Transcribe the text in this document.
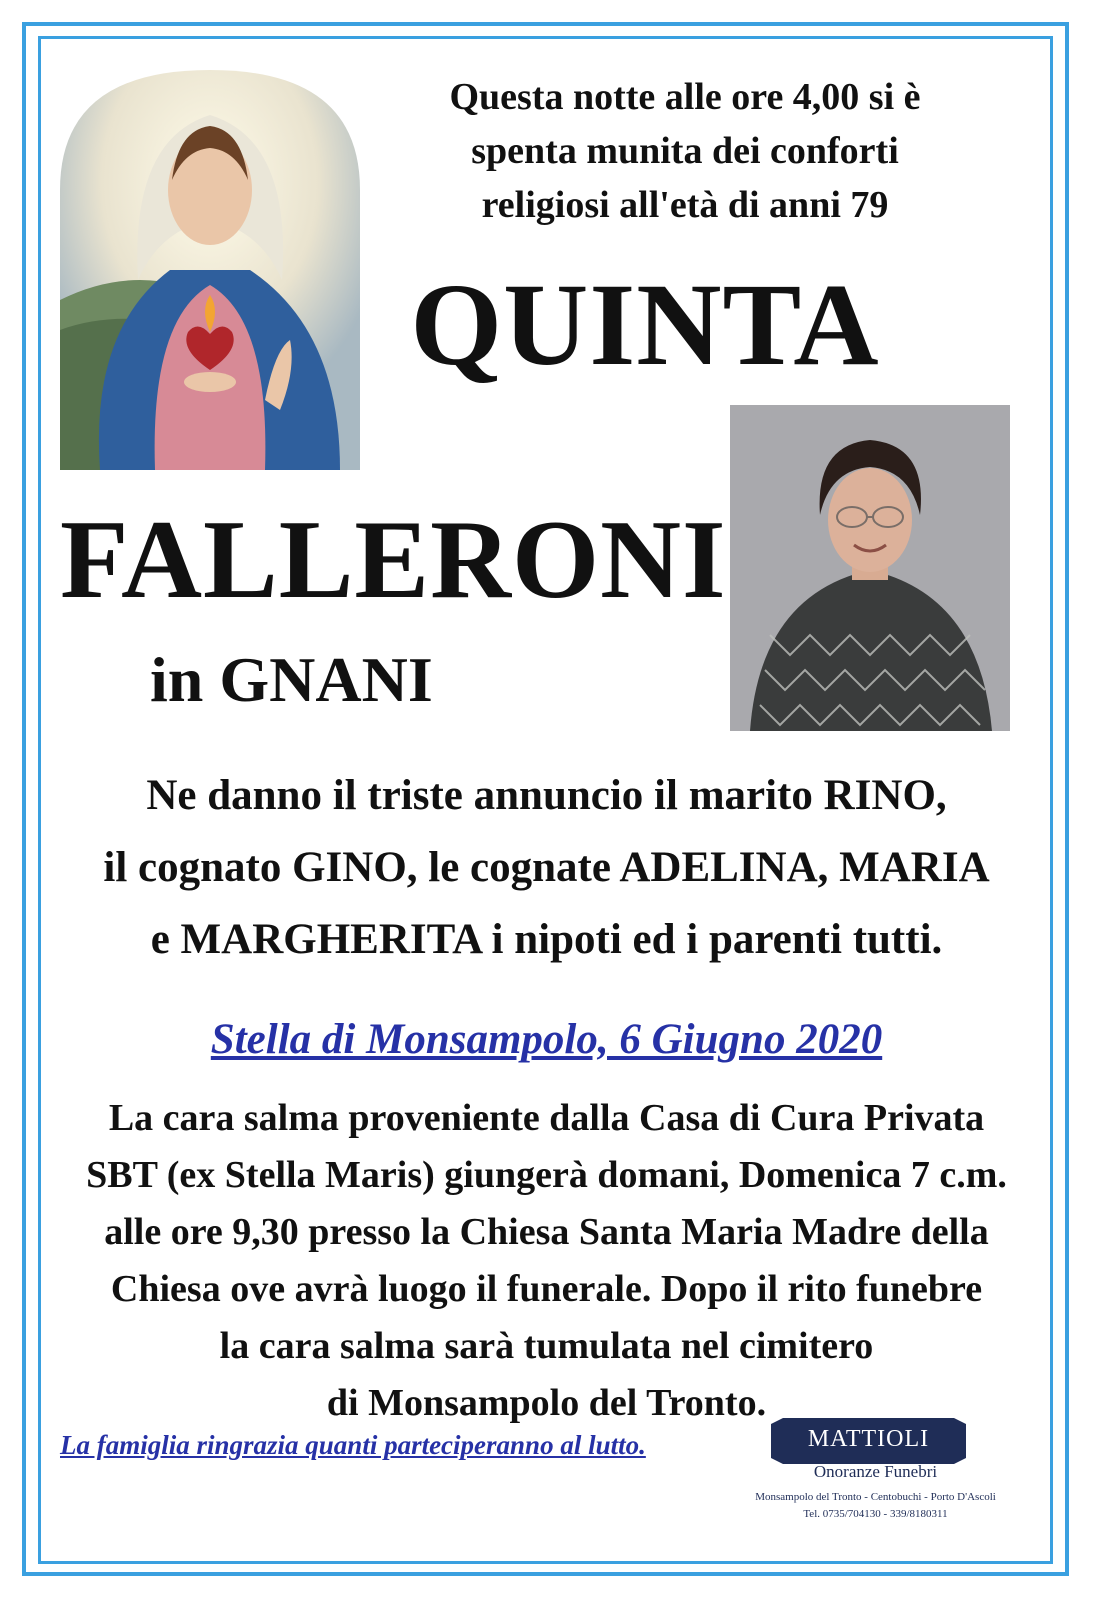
Questa notte alle ore 4,00 si è
spenta munita dei conforti
religiosi all'età di anni 79
QUINTA
FALLERONI
in GNANI
Ne danno il triste annuncio il marito RINO,
il cognato GINO, le cognate ADELINA, MARIA
e MARGHERITA i nipoti ed i parenti tutti.
Stella di Monsampolo, 6 Giugno 2020
La cara salma proveniente dalla Casa di Cura Privata
SBT (ex Stella Maris) giungerà domani, Domenica 7 c.m.
alle ore 9,30 presso la Chiesa Santa Maria Madre della
Chiesa ove avrà luogo il funerale. Dopo il rito funebre
la cara salma sarà tumulata nel cimitero
di Monsampolo del Tronto.
La famiglia ringrazia quanti parteciperanno al lutto.	MATTIOLI
Onoranze Funebri
Monsampolo del Tronto - Centobuchi - Porto D'Ascoli
Tel. 0735/704130 - 339/8180311
